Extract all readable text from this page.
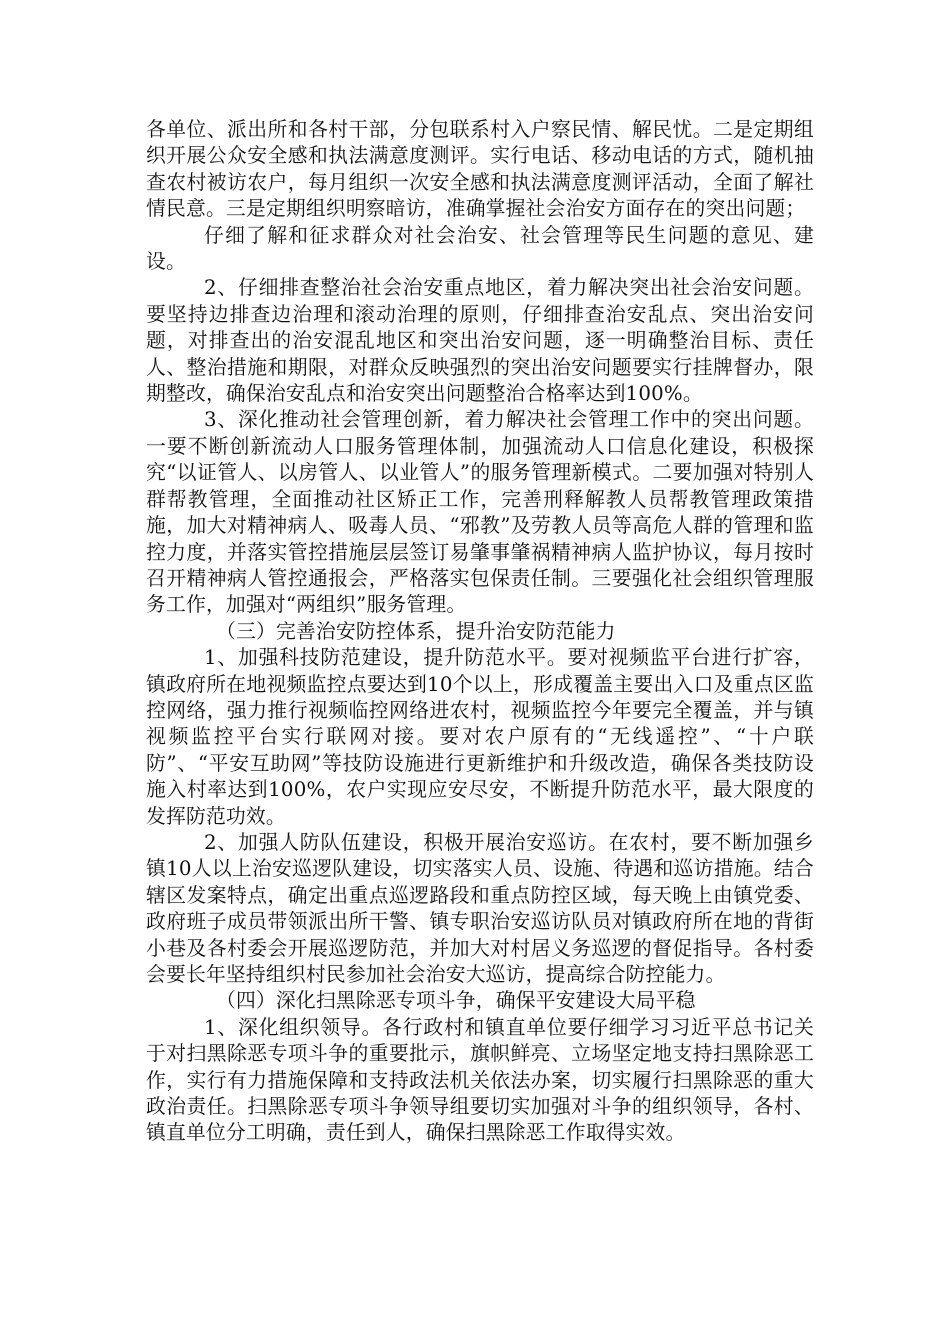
各单位、派出所和各村干部，分包联系村入户察民情、解民忧。二是定期组织开展公众安全感和执法满意度测评。实行电话、移动电话的方式，随机抽查农村被访农户，每月组织一次安全感和执法满意度测评活动，全面了解社情民意。三是定期组织明察暗访，准确掌握社会治安方面存在的突出问题；

仔细了解和征求群众对社会治安、社会管理等民生问题的意见、建设。

2、仔细排查整治社会治安重点地区，着力解决突出社会治安问题。要坚持边排查边治理和滚动治理的原则，仔细排查治安乱点、突出治安问题，对排查出的治安混乱地区和突出治安问题，逐一明确整治目标、责任人、整治措施和期限，对群众反映强烈的突出治安问题要实行挂牌督办，限期整改，确保治安乱点和治安突出问题整治合格率达到100%。

3、深化推动社会管理创新，着力解决社会管理工作中的突出问题。一要不断创新流动人口服务管理体制，加强流动人口信息化建设，积极探究“以证管人、以房管人、以业管人”的服务管理新模式。二要加强对特别人群帮教管理，全面推动社区矫正工作，完善刑释解教人员帮教管理政策措施，加大对精神病人、吸毒人员、“邪教”及劳教人员等高危人群的管理和监控力度，并落实管控措施层层签订易肇事肇祸精神病人监护协议，每月按时召开精神病人管控通报会，严格落实包保责任制。三要强化社会组织管理服务工作，加强对“两组织”服务管理。

（三）完善治安防控体系，提升治安防范能力

1、加强科技防范建设，提升防范水平。要对视频监平台进行扩容，镇政府所在地视频监控点要达到10个以上，形成覆盖主要出入口及重点区监控网络，强力推行视频临控网络进农村，视频监控今年要完全覆盖，并与镇视频监控平台实行联网对接。要对农户原有的“无线遥控”、“十户联防”、“平安互助网”等技防设施进行更新维护和升级改造，确保各类技防设施入村率达到100%，农户实现应安尽安，不断提升防范水平，最大限度的发挥防范功效。

2、加强人防队伍建设，积极开展治安巡访。在农村，要不断加强乡镇10人以上治安巡逻队建设，切实落实人员、设施、待遇和巡访措施。结合辖区发案特点，确定出重点巡逻路段和重点防控区域，每天晚上由镇党委、政府班子成员带领派出所干警、镇专职治安巡访队员对镇政府所在地的背街小巷及各村委会开展巡逻防范，并加大对村居义务巡逻的督促指导。各村委会要长年坚持组织村民参加社会治安大巡访，提高综合防控能力。

（四）深化扫黑除恶专项斗争，确保平安建设大局平稳

1、深化组织领导。各行政村和镇直单位要仔细学习习近平总书记关于对扫黑除恶专项斗争的重要批示，旗帜鲜亮、立场坚定地支持扫黑除恶工作，实行有力措施保障和支持政法机关依法办案，切实履行扫黑除恶的重大政治责任。扫黑除恶专项斗争领导组要切实加强对斗争的组织领导，各村、镇直单位分工明确，责任到人，确保扫黑除恶工作取得实效。
